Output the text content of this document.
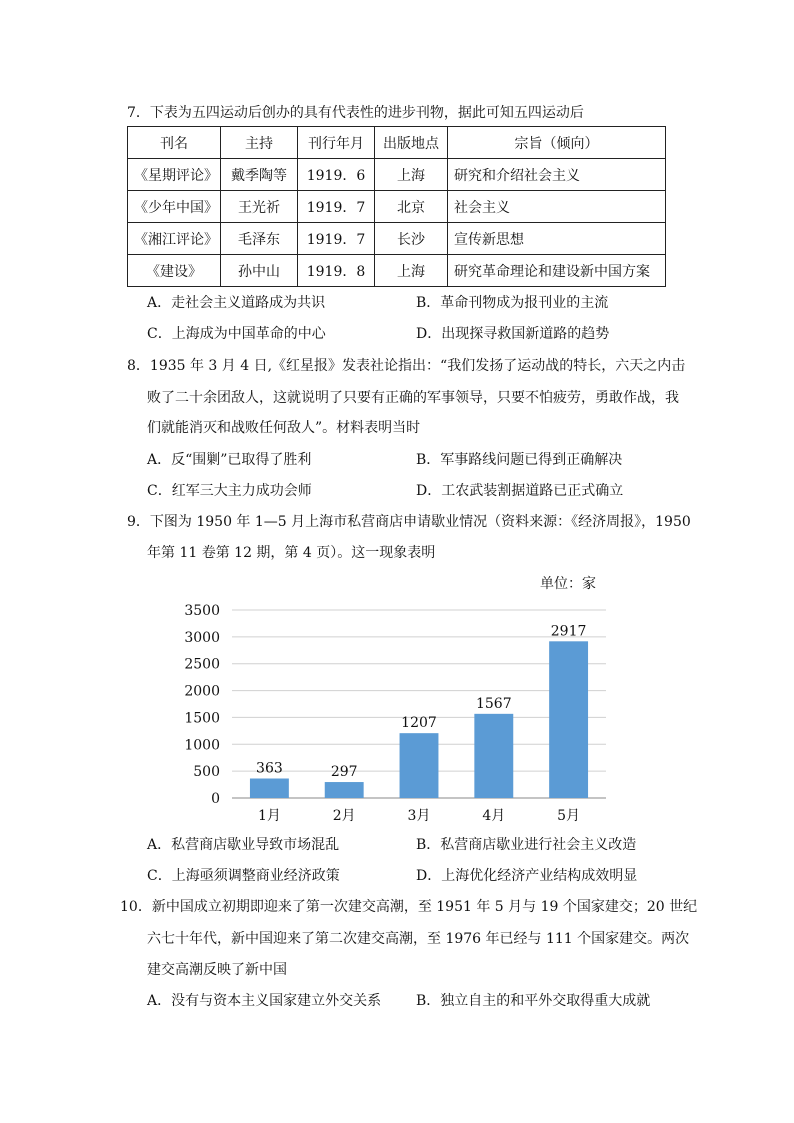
7．下表为五四运动后创办的具有代表性的进步刊物，据此可知五四运动后
刊名	主持	刊行年月	出版地点	宗旨（倾向）
《星期评论》	戴季陶等	1919．6	上海	研究和介绍社会主义
《少年中国》	王光祈	1919．7	北京	社会主义
《湘江评论》	毛泽东	1919．7	长沙	宣传新思想
《建设》	孙中山	1919．8	上海	研究革命理论和建设新中国方案
A．走社会主义道路成为共识	B．革命刊物成为报刊业的主流
C．上海成为中国革命的中心	D．出现探寻救国新道路的趋势
8．1935 年 3 月 4 日,《红星报》发表社论指出：“我们发扬了运动战的特长，六天之内击
败了二十余团敌人，这就说明了只要有正确的军事领导，只要不怕疲劳，勇敢作战，我
们就能消灭和战败任何敌人”。材料表明当时
A．反“围剿”已取得了胜利	B．军事路线问题已得到正确解决
C．红军三大主力成功会师	D．工农武装割据道路已正式确立
9．下图为 1950 年 1—5 月上海市私营商店申请歇业情况（资料来源：《经济周报》，1950
年第 11 卷第 12 期，第 4 页）。这一现象表明
单位：家
0
500
1000
1500
2000
2500
3000
3500
1月	2月	3月	4月	5月
363	297
1207
1567
2917
A．私营商店歇业导致市场混乱	B．私营商店歇业进行社会主义改造
C．上海亟须调整商业经济政策	D．上海优化经济产业结构成效明显
10．新中国成立初期即迎来了第一次建交高潮，至 1951 年 5 月与 19 个国家建交；20 世纪
六七十年代，新中国迎来了第二次建交高潮，至 1976 年已经与 111 个国家建交。两次
建交高潮反映了新中国
A．没有与资本主义国家建立外交关系 B．独立自主的和平外交取得重大成就
